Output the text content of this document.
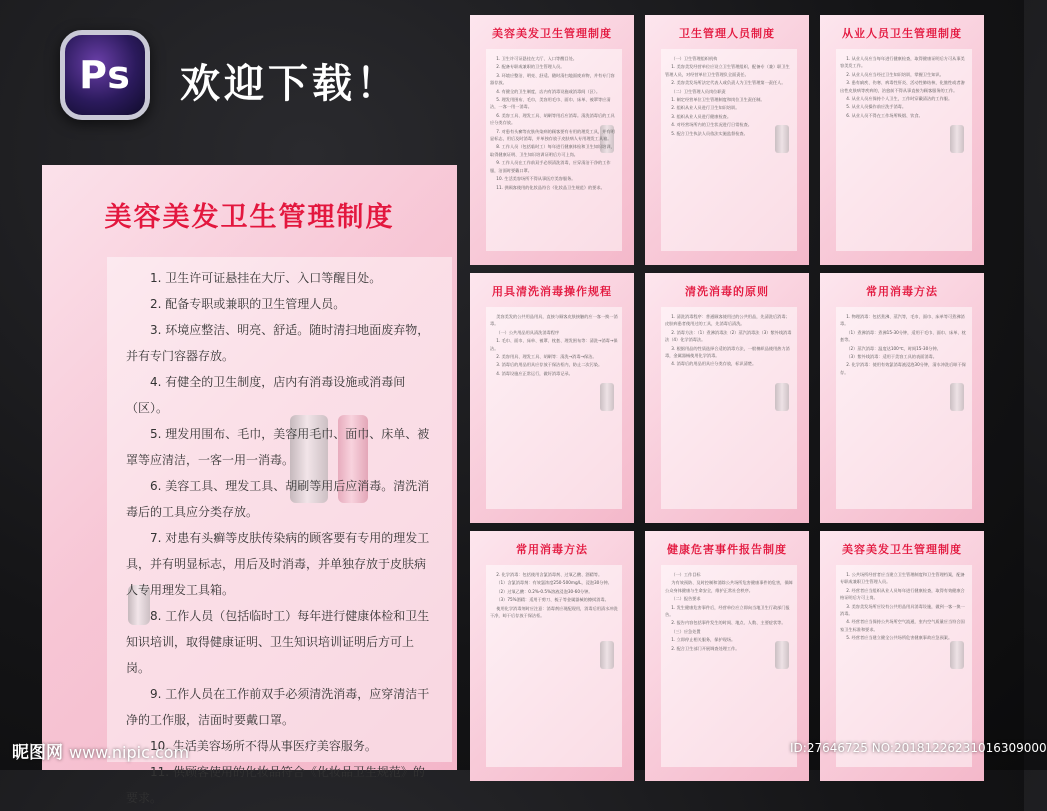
Ps 欢迎下载！
美容美发卫生管理制度
1. 卫生许可证悬挂在大厅、入口等醒目处。
2. 配备专职或兼职的卫生管理人员。
3. 环境应整洁、明亮、舒适。随时清扫地面废弃物，并有专门容器存放。
4. 有健全的卫生制度，店内有消毒设施或消毒间（区）。
5. 理发用围布、毛巾，美容用毛巾、面巾、床单、被罩等应清洁，一客一用一消毒。
6. 美容工具、理发工具、胡刷等用后应消毒。清洗消毒后的工具应分类存放。
7. 对患有头癣等皮肤传染病的顾客要有专用的理发工具，并有明显标志，用后及时消毒，并单独存放于皮肤病人专用理发工具箱。
8. 工作人员（包括临时工）每年进行健康体检和卫生知识培训，取得健康证明、卫生知识培训证明后方可上岗。
9. 工作人员在工作前双手必须清洗消毒，应穿清洁干净的工作服，洁面时要戴口罩。
10. 生活美容场所不得从事医疗美容服务。
11. 供顾客使用的化妆品符合《化妆品卫生规范》的要求。
美容美发卫生管理制度

1. 卫生许可证悬挂在大厅、入口等醒目处。

2. 配备专职或兼职的卫生管理人员。

3. 环境应整洁、明亮、舒适。随时清扫地面废弃物，并有专门容器存放。

4. 有健全的卫生制度，店内有消毒设施或消毒间（区）。

5. 理发用围布、毛巾，美容用毛巾、面巾、床单、被罩等应清洁，一客一用一消毒。

6. 美容工具、理发工具、胡刷等用后应消毒。清洗消毒后的工具应分类存放。

7. 对患有头癣等皮肤传染病的顾客要有专用的理发工具，并有明显标志，用后及时消毒，并单独存放于皮肤病人专用理发工具箱。

8. 工作人员（包括临时工）每年进行健康体检和卫生知识培训，取得健康证明、卫生知识培训证明后方可上岗。

9. 工作人员在工作前双手必须清洗消毒，应穿清洁干净的工作服，洁面时要戴口罩。

10. 生活美容场所不得从事医疗美容服务。

11. 供顾客使用的化妆品符合《化妆品卫生规范》的要求。

卫生管理人员制度

（一）卫生管理组织机构

1. 美容美发经营单位应设立卫生管理组织，配备专（兼）职卫生管理人员，对经营单位卫生管理负全面责任。

2. 美容美发场所法定代表人或负责人为卫生管理第一责任人。

（二）卫生管理人员岗位职责

1. 制定经营单位卫生管理制度和岗位卫生责任制。

2. 组织从业人员进行卫生知识培训。

3. 组织从业人员进行健康检查。

4. 对经营场所内的卫生状况进行日常检查。

5. 配合卫生执法人员依法实施监督检查。

从业人员卫生管理制度

1. 从业人员应当每年进行健康检查，取得健康证明后方可从事美容美发工作。

2. 从业人员应当经过卫生知识培训，掌握卫生知识。

3. 患有痢疾、伤寒、病毒性肝炎、活动性肺结核、化脓性或者渗出性皮肤病等疾病的，治愈前不得从事直接为顾客服务的工作。

4. 从业人员应保持个人卫生，工作时穿戴清洁的工作服。

5. 从业人员操作前应洗手消毒。

6. 从业人员不得在工作场所吸烟、饮食。

用具清洗消毒操作规程

美容美发的公共用品用具，直接与顾客皮肤接触的应一客一换一消毒。

（一）公共用品用具清洗消毒程序

1. 毛巾、面巾、床单、被罩、枕套、理发围布等：清洗→消毒→保洁。

2. 美容用具、理发工具、胡刷等：清洗→消毒→保洁。

3. 消毒后的用品用具应存放于保洁柜内，防止二次污染。

4. 消毒设施应正常运行，做好消毒记录。

清洗消毒的原则

1. 清洗消毒程序：普通顾客使用过的公共用品，先清洗后消毒；皮肤病患者使用过的工具，先消毒后清洗。

2. 消毒方法：（1）煮沸消毒法（2）蒸汽消毒法（3）紫外线消毒法（4）化学消毒法。

3. 根据用品的性质选择合适的消毒方法，一般棉织品使用热力消毒，金属器械使用化学消毒。

4. 消毒后的用品用具应分类存放，标识清楚。

常用消毒方法

1. 物理消毒：包括煮沸、蒸汽等，毛巾、面巾、床单等可煮沸消毒。

（1）煮沸消毒：煮沸15-30分钟，适用于毛巾、面巾、床单、枕套等。

（2）蒸汽消毒：温度达100℃，时间15-30分钟。

（3）紫外线消毒：适用于美容工具的表面消毒。

2. 化学消毒：使用有效氯消毒液浸泡30分钟，清水冲洗后晾干保存。

常用消毒方法

2. 化学消毒：包括使用含氯消毒剂、过氧乙酸、酒精等。

（1）含氯消毒剂：有效氯浓度250-500mg/L，浸泡30分钟。

（2）过氧乙酸：0.2%-0.5%溶液浸泡30-60分钟。

（3）75%酒精：适用于剪刀、梳子等金属器械的擦拭消毒。

使用化学消毒剂时应注意：消毒剂应现配现用，消毒后用清水冲洗干净，晾干后存放于保洁柜。

健康危害事件报告制度

（一）工作目标

为有效预防、及时控制和消除公共场所危害健康事件的危害，保障公众身体健康与生命安全，维护正常社会秩序。

（二）报告要求

1. 发生健康危害事件后，经营单位应立即向当地卫生行政部门报告。

2. 报告内容包括事件发生的时间、地点、人数、主要症状等。

（三）应急处置

1. 立即停止相关服务，保护现场。

2. 配合卫生部门开展调查处理工作。

美容美发卫生管理制度

1. 公共场所经营者应当建立卫生管理制度和卫生管理档案，配备专职或兼职卫生管理人员。

2. 经营者应当组织从业人员每年进行健康检查，取得有效健康合格证明后方可上岗。

3. 美容美发场所应设有公共用品用具消毒设施，做到一客一换一消毒。

4. 经营者应当保持公共场所空气流通，室内空气质量应当符合国家卫生标准和要求。

5. 经营者应当建立健全公共场所危害健康事故应急预案。

昵图网 www.nipic.com	ID:27646725 NO:20181226231016309000
